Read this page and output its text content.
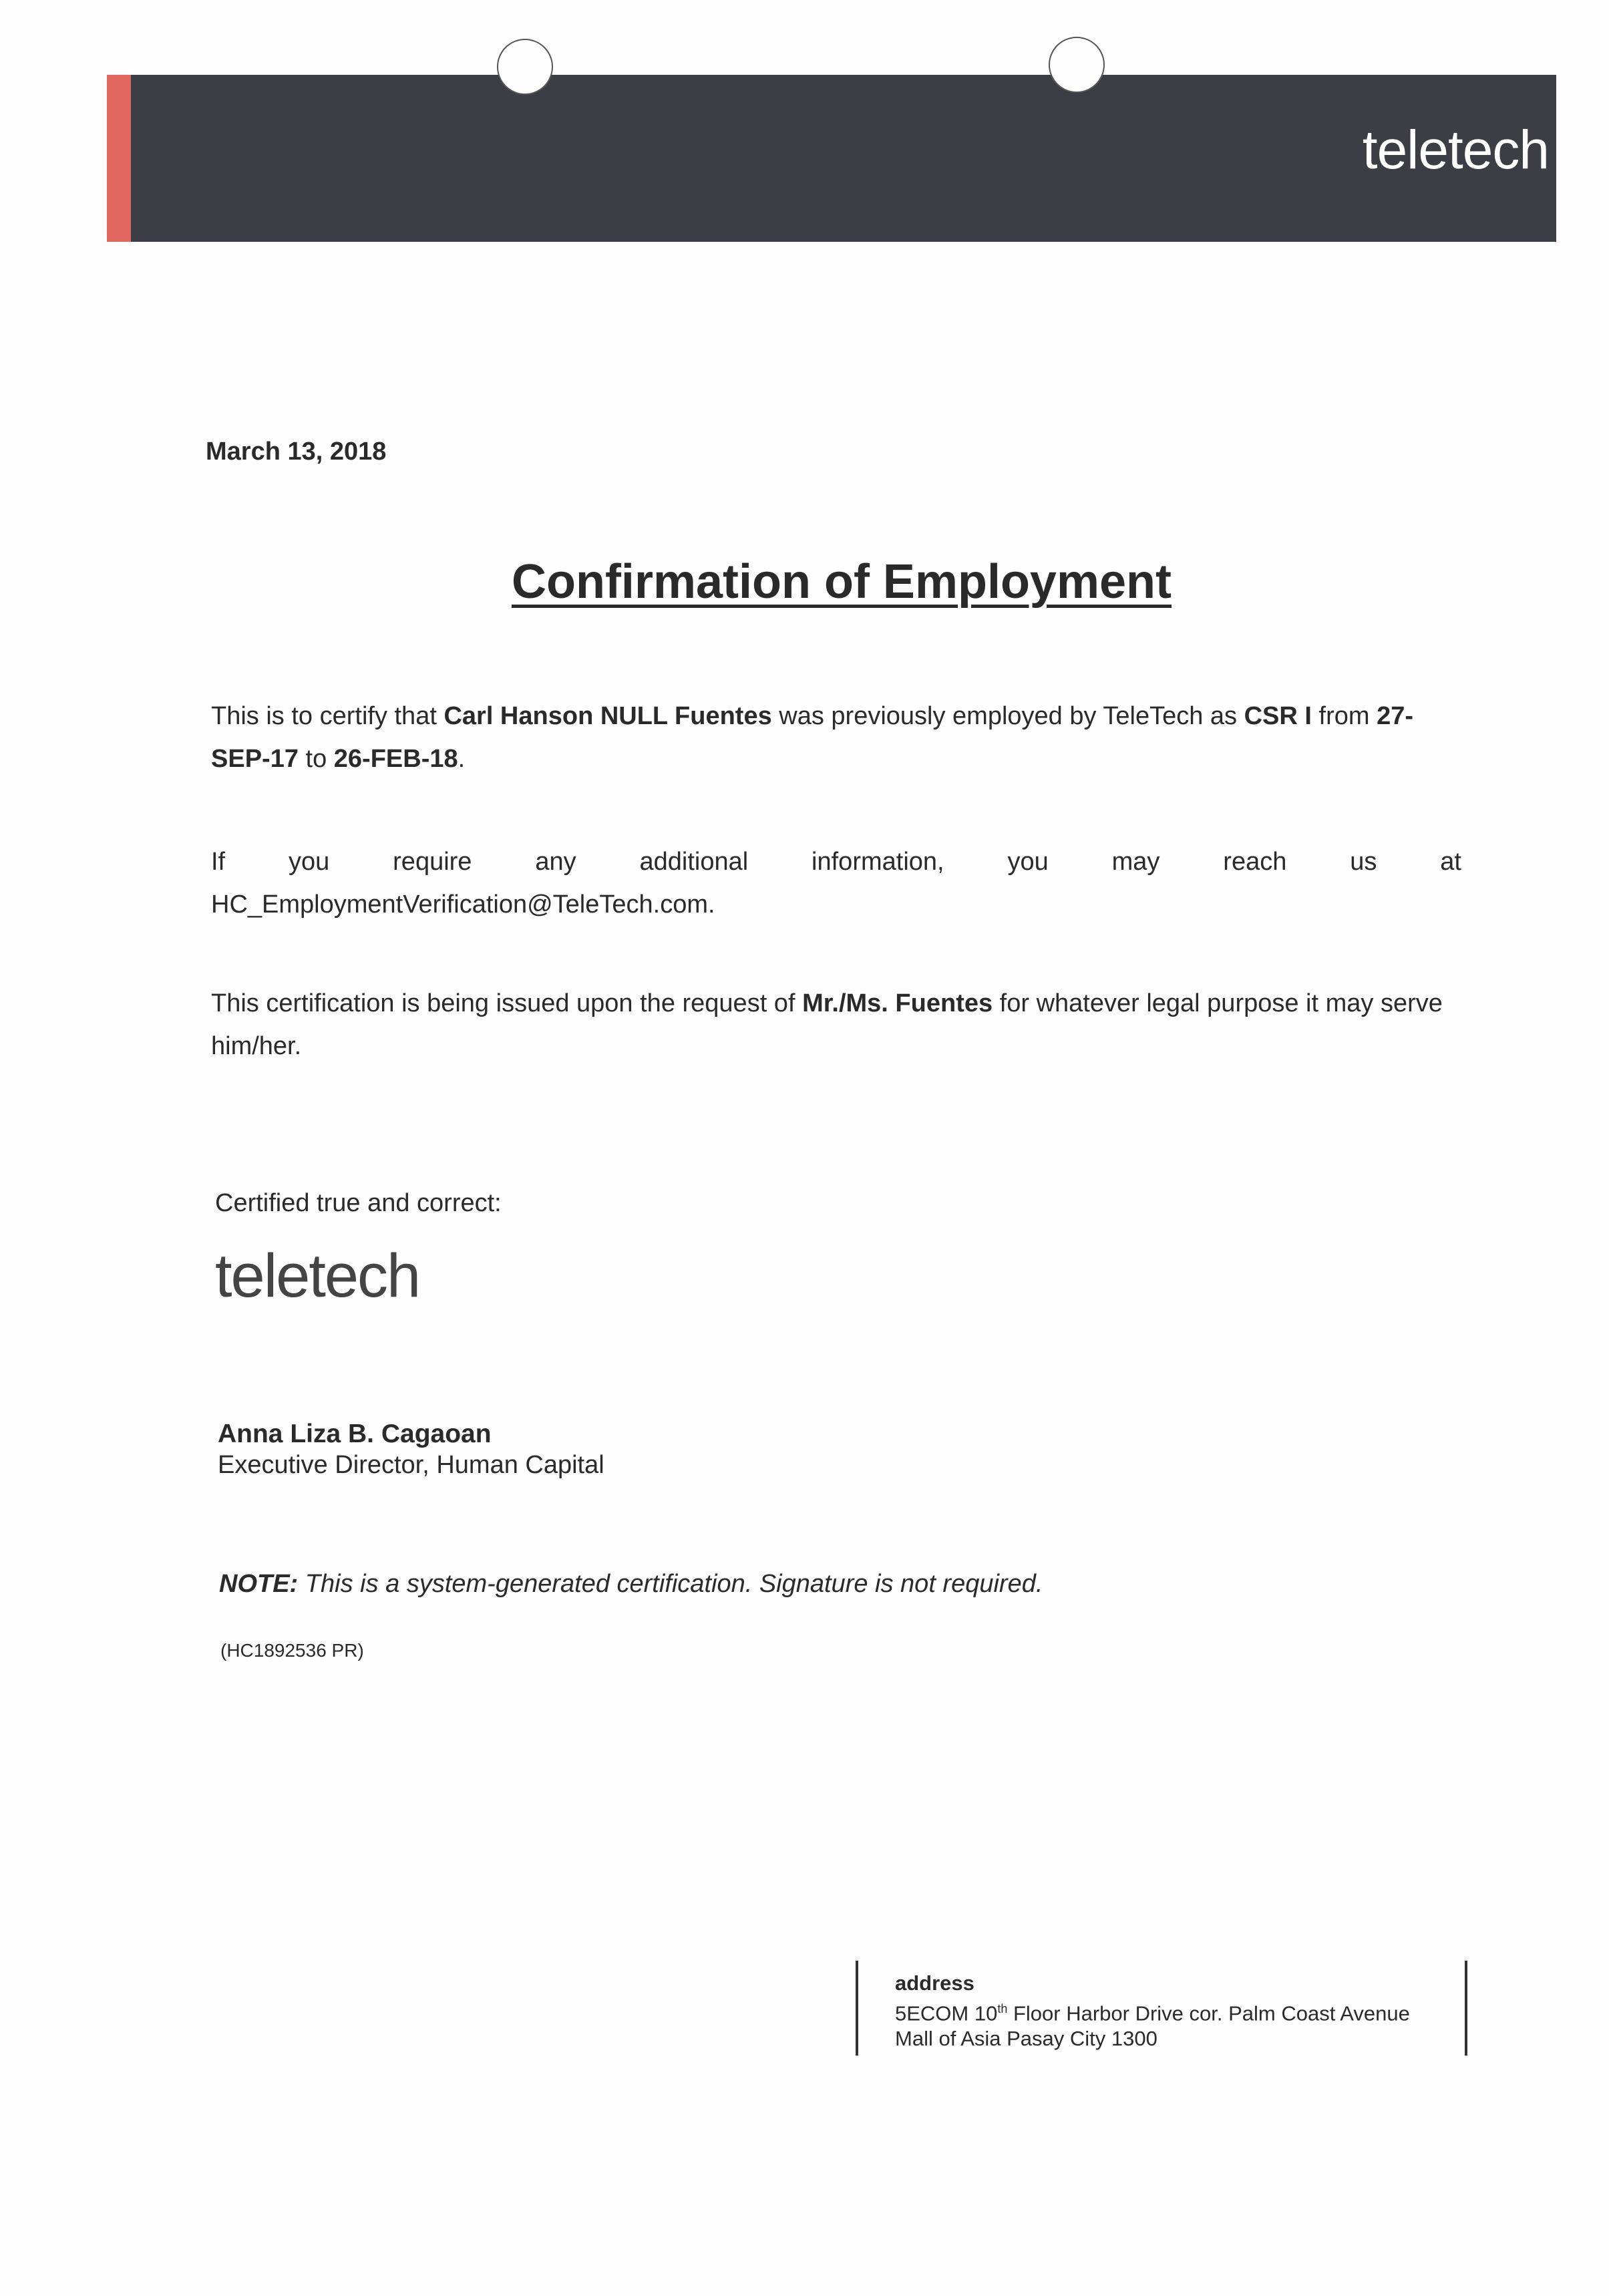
teletech
March 13, 2018
Confirmation of Employment
This is to certify that Carl Hanson NULL Fuentes was previously employed by TeleTech as CSR I from 27-SEP-17 to 26-FEB-18.
If you require any additional information, you may reach us at
HC_EmploymentVerification@TeleTech.com.
This certification is being issued upon the request of Mr./Ms. Fuentes for whatever legal purpose it may serve him/her.
Certified true and correct:
teletech
Anna Liza B. Cagaoan
Executive Director, Human Capital
NOTE: This is a system-generated certification. Signature is not required.
(HC1892536 PR)
address
5ECOM 10th Floor Harbor Drive cor. Palm Coast Avenue
Mall of Asia Pasay City 1300
